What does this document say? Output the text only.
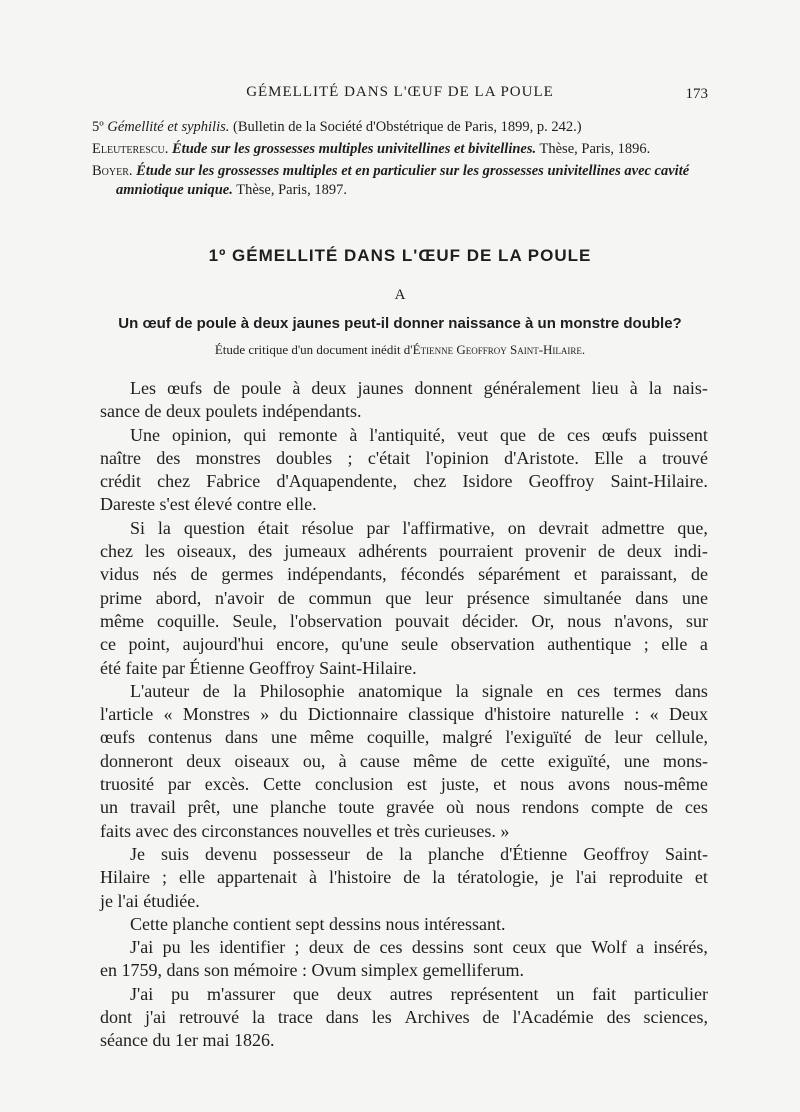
GÉMELLITÉ DANS L'ŒUF DE LA POULE	173
5º Gémellité et syphilis. (Bulletin de la Société d'Obstétrique de Paris, 1899, p. 242.)
Eleuterescu. Étude sur les grossesses multiples univitellines et bivitellines. Thèse, Paris, 1896.
Boyer. Étude sur les grossesses multiples et en particulier sur les grossesses univitellines avec cavité amniotique unique. Thèse, Paris, 1897.
1º GÉMELLITÉ DANS L'ŒUF DE LA POULE
A
Un œuf de poule à deux jaunes peut-il donner naissance à un monstre double?
Étude critique d'un document inédit d'Étienne Geoffroy Saint-Hilaire.
Les œufs de poule à deux jaunes donnent généralement lieu à la nais-
sance de deux poulets indépendants.
Une opinion, qui remonte à l'antiquité, veut que de ces œufs puissent
naître des monstres doubles ; c'était l'opinion d'Aristote. Elle a trouvé
crédit chez Fabrice d'Aquapendente, chez Isidore Geoffroy Saint-Hilaire.
Dareste s'est élevé contre elle.
Si la question était résolue par l'affirmative, on devrait admettre que,
chez les oiseaux, des jumeaux adhérents pourraient provenir de deux indi-
vidus nés de germes indépendants, fécondés séparément et paraissant, de
prime abord, n'avoir de commun que leur présence simultanée dans une
même coquille. Seule, l'observation pouvait décider. Or, nous n'avons, sur
ce point, aujourd'hui encore, qu'une seule observation authentique ; elle a
été faite par Étienne Geoffroy Saint-Hilaire.
L'auteur de la Philosophie anatomique la signale en ces termes dans
l'article « Monstres » du Dictionnaire classique d'histoire naturelle : « Deux
œufs contenus dans une même coquille, malgré l'exiguïté de leur cellule,
donneront deux oiseaux ou, à cause même de cette exiguïté, une mons-
truosité par excès. Cette conclusion est juste, et nous avons nous-même
un travail prêt, une planche toute gravée où nous rendons compte de ces
faits avec des circonstances nouvelles et très curieuses. »
Je suis devenu possesseur de la planche d'Étienne Geoffroy Saint-
Hilaire ; elle appartenait à l'histoire de la tératologie, je l'ai reproduite et
je l'ai étudiée.
Cette planche contient sept dessins nous intéressant.
J'ai pu les identifier ; deux de ces dessins sont ceux que Wolf a insérés,
en 1759, dans son mémoire : Ovum simplex gemelliferum.
J'ai pu m'assurer que deux autres représentent un fait particulier
dont j'ai retrouvé la trace dans les Archives de l'Académie des sciences,
séance du 1er mai 1826.
